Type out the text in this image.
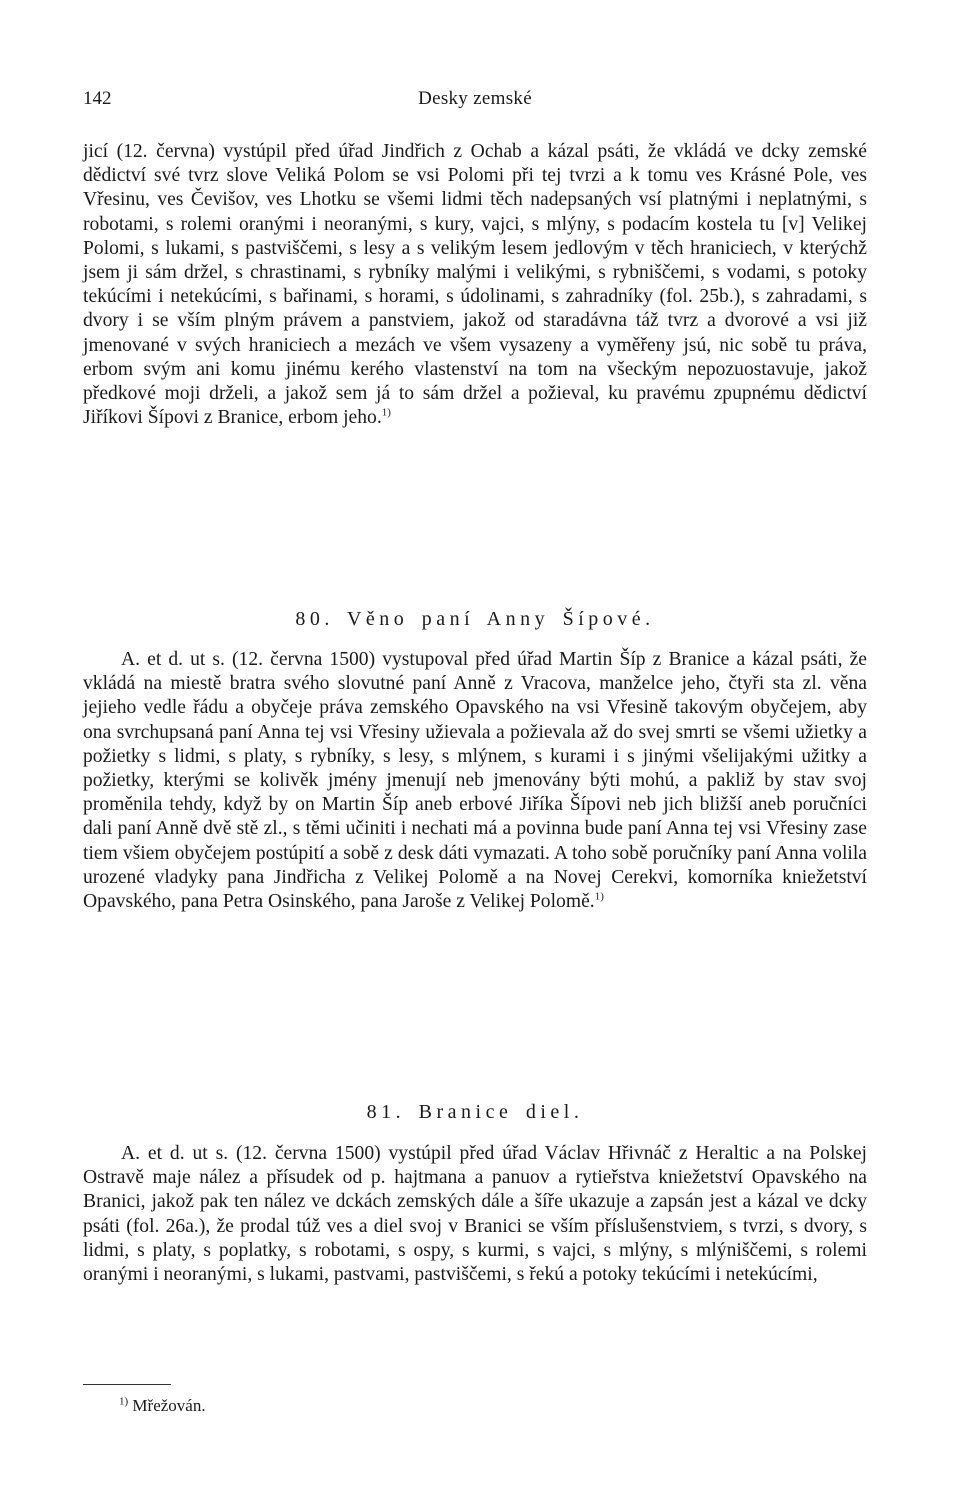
142	Desky zemské

jicí (12. června) vystúpil před úřad Jindřich z Ochab a kázal psáti, že vkládá ve dcky zemské dědictví své tvrz slove Veliká Polom se vsi Polomi při tej tvrzi a k tomu ves Krásné Pole, ves Vřesinu, ves Čevišov, ves Lhotku se všemi lidmi těch nadepsaných vsí platnými i neplatnými, s robotami, s rolemi oranými i neoranými, s kury, vajci, s mlýny, s podacím kostela tu [v] Velikej Polomi, s lukami, s pastviščemi, s lesy a s velikým lesem jedlovým v těch hraniciech, v kterýchž jsem ji sám držel, s chrastinami, s rybníky malými i velikými, s rybniščemi, s vodami, s potoky tekúcími i netekúcími, s bařinami, s horami, s údolinami, s zahradníky (fol. 25b.), s zahradami, s dvory i se vším plným právem a panstviem, jakož od staradávna táž tvrz a dvorové a vsi již jmenované v svých hraniciech a mezách ve všem vysazeny a vyměřeny jsú, nic sobě tu práva, erbom svým ani komu jinému kerého vlastenství na tom na všeckým nepozuostavuje, jakož předkové moji drželi, a jakož sem já to sám držel a požieval, ku pravému zpupnému dědictví Jiříkovi Šípovi z Branice, erbom jeho.$^{1)}$

80. Věno paní Anny Šípové.

A. et d. ut s. (12. června 1500) vystupoval před úřad Martin Šíp z Branice a kázal psáti, že vkládá na miestě bratra svého slovutné paní Anně z Vracova, manželce jeho, čtyři sta zl. věna jejieho vedle řádu a obyčeje práva zemského Opavského na vsi Vřesině takovým obyčejem, aby ona svrchupsaná paní Anna tej vsi Vřesiny užievala a požievala až do svej smrti se všemi užietky a požietky s lidmi, s platy, s rybníky, s lesy, s mlýnem, s kurami i s jinými všelijakými užitky a požietky, kterými se kolivěk jmény jmenují neb jmenovány býti mohú, a pakliž by stav svoj proměnila tehdy, když by on Martin Šíp aneb erbové Jiříka Šípovi neb jich bližší aneb poručníci dali paní Anně dvě stě zl., s těmi učiniti i nechati má a povinna bude paní Anna tej vsi Vřesiny zase tiem všiem obyčejem postúpití a sobě z desk dáti vymazati. A toho sobě poručníky paní Anna volila urozené vladyky pana Jindřicha z Velikej Polomě a na Novej Cerekvi, komorníka kniežetství Opavského, pana Petra Osinského, pana Jaroše z Velikej Polomě.$^{1)}$

81. Branice diel.

A. et d. ut s. (12. června 1500) vystúpil před úřad Václav Hřivnáč z Heraltic a na Polskej Ostravě maje nález a přísudek od p. hajtmana a panuov a rytieřstva kniežetství Opavského na Branici, jakož pak ten nález ve dckách zemských dále a šíře ukazuje a zapsán jest a kázal ve dcky psáti (fol. 26a.), že prodal túž ves a diel svoj v Branici se vším příslušenstviem, s tvrzi, s dvory, s lidmi, s platy, s poplatky, s robotami, s ospy, s kurmi, s vajci, s mlýny, s mlýniščemi, s rolemi oranými i neoranými, s lukami, pastvami, pastviščemi, s řekú a potoky tekúcími i netekúcími,

$^{1)}$ Mřežován.
